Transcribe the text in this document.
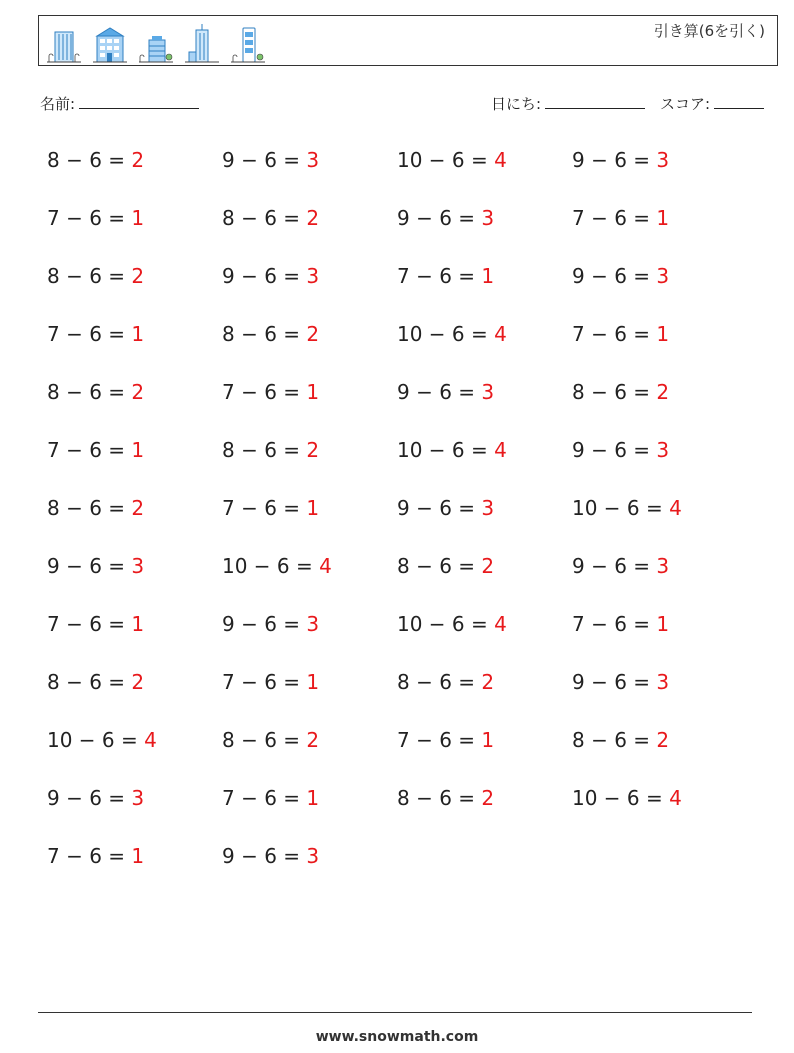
引き算(6を引く)
名前:	日にち:	スコア:
8 − 6 = 2	9 − 6 = 3	10 − 6 = 4	9 − 6 = 3
7 − 6 = 1	8 − 6 = 2	9 − 6 = 3	7 − 6 = 1
8 − 6 = 2	9 − 6 = 3	7 − 6 = 1	9 − 6 = 3
7 − 6 = 1	8 − 6 = 2	10 − 6 = 4	7 − 6 = 1
8 − 6 = 2	7 − 6 = 1	9 − 6 = 3	8 − 6 = 2
7 − 6 = 1	8 − 6 = 2	10 − 6 = 4	9 − 6 = 3
8 − 6 = 2	7 − 6 = 1	9 − 6 = 3	10 − 6 = 4
9 − 6 = 3	10 − 6 = 4	8 − 6 = 2	9 − 6 = 3
7 − 6 = 1	9 − 6 = 3	10 − 6 = 4	7 − 6 = 1
8 − 6 = 2	7 − 6 = 1	8 − 6 = 2	9 − 6 = 3
10 − 6 = 4	8 − 6 = 2	7 − 6 = 1	8 − 6 = 2
9 − 6 = 3	7 − 6 = 1	8 − 6 = 2	10 − 6 = 4
7 − 6 = 1	9 − 6 = 3
www.snowmath.com
